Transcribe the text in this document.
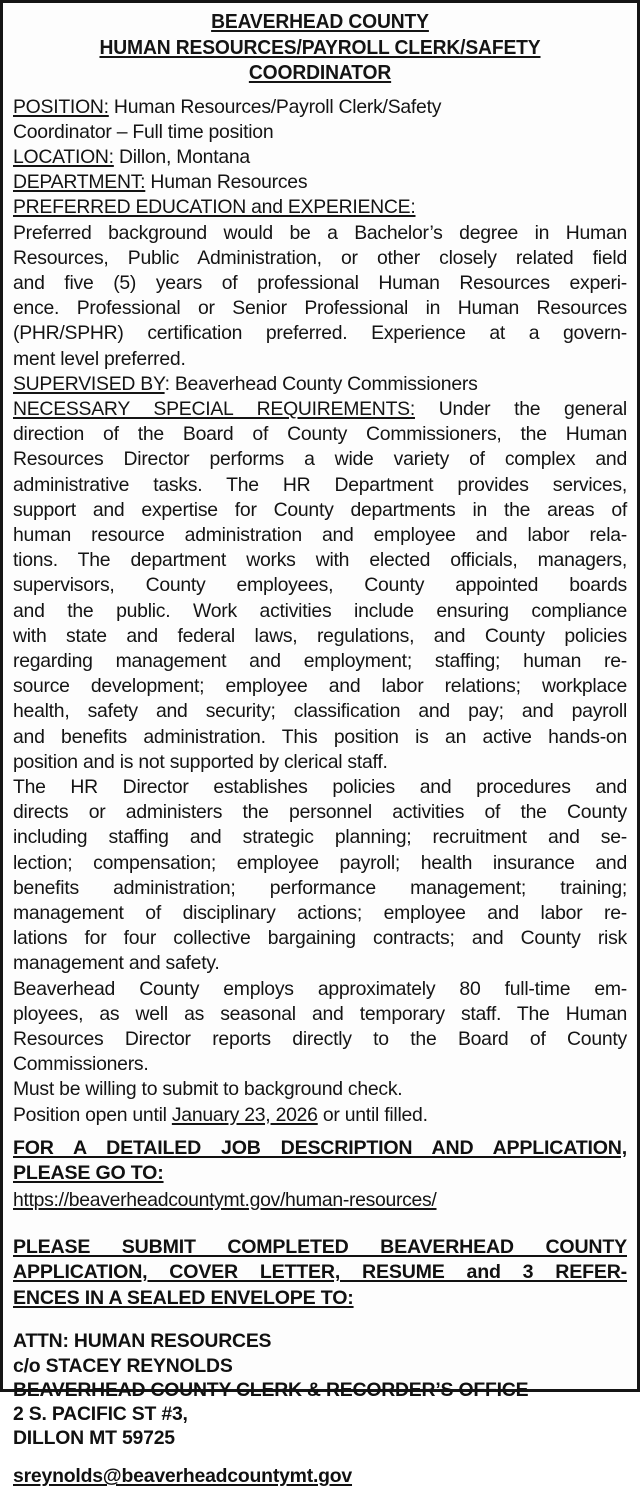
BEAVERHEAD COUNTY
HUMAN RESOURCES/PAYROLL CLERK/SAFETY
COORDINATOR

POSITION: Human Resources/Payroll Clerk/Safety
Coordinator – Full time position

LOCATION: Dillon, Montana

DEPARTMENT: Human Resources

PREFERRED EDUCATION and EXPERIENCE:

Preferred background would be a Bachelor’s degree in Human
Resources, Public Administration, or other closely related field
and five (5) years of professional Human Resources experi-
ence. Professional or Senior Professional in Human Resources
(PHR/SPHR) certification preferred. Experience at a govern-
ment level preferred.

SUPERVISED BY: Beaverhead County Commissioners

NECESSARY SPECIAL REQUIREMENTS: Under the general
direction of the Board of County Commissioners, the Human
Resources Director performs a wide variety of complex and
administrative tasks. The HR Department provides services,
support and expertise for County departments in the areas of
human resource administration and employee and labor rela-
tions. The department works with elected officials, managers,
supervisors, County employees, County appointed boards
and the public. Work activities include ensuring compliance
with state and federal laws, regulations, and County policies
regarding management and employment; staffing; human re-
source development; employee and labor relations; workplace
health, safety and security; classification and pay; and payroll
and benefits administration. This position is an active hands-on
position and is not supported by clerical staff.

The HR Director establishes policies and procedures and
directs or administers the personnel activities of the County
including staffing and strategic planning; recruitment and se-
lection; compensation; employee payroll; health insurance and
benefits administration; performance management; training;
management of disciplinary actions; employee and labor re-
lations for four collective bargaining contracts; and County risk
management and safety.

Beaverhead County employs approximately 80 full-time em-
ployees, as well as seasonal and temporary staff. The Human
Resources Director reports directly to the Board of County
Commissioners.

Must be willing to submit to background check.

Position open until January 23, 2026 or until filled.

FOR A DETAILED JOB DESCRIPTION AND APPLICATION,
PLEASE GO TO:

https://beaverheadcountymt.gov/human-resources/

PLEASE SUBMIT COMPLETED BEAVERHEAD COUNTY
APPLICATION, COVER LETTER, RESUME and 3 REFER-
ENCES IN A SEALED ENVELOPE TO:

ATTN: HUMAN RESOURCES
c/o STACEY REYNOLDS
BEAVERHEAD COUNTY CLERK & RECORDER’S OFFICE
2 S. PACIFIC ST #3,
DILLON MT 59725

sreynolds@beaverheadcountymt.gov
